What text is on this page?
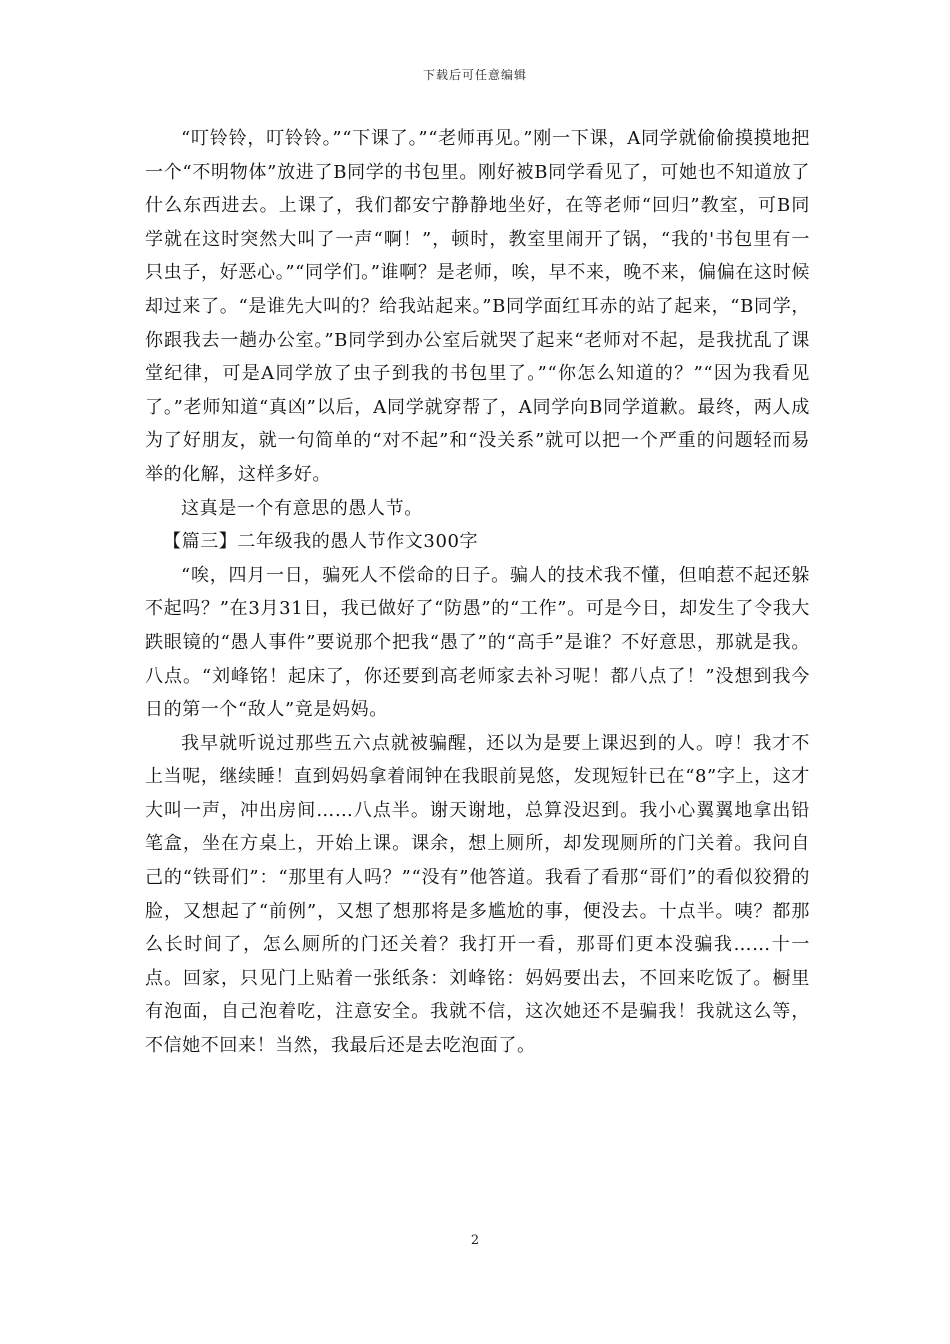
下载后可任意编辑

“叮铃铃，叮铃铃。”“下课了。”“老师再见。”刚一下课，A同学就偷偷摸摸地把一个“不明物体”放进了B同学的书包里。刚好被B同学看见了，可她也不知道放了什么东西进去。上课了，我们都安宁静静地坐好，在等老师“回归”教室，可B同学就在这时突然大叫了一声“啊！”，顿时，教室里闹开了锅，“我的'书包里有一只虫子，好恶心。”“同学们。”谁啊？是老师，唉，早不来，晚不来，偏偏在这时候却过来了。“是谁先大叫的？给我站起来。”B同学面红耳赤的站了起来，“B同学，你跟我去一趟办公室。”B同学到办公室后就哭了起来“老师对不起，是我扰乱了课堂纪律，可是A同学放了虫子到我的书包里了。”“你怎么知道的？”“因为我看见了。”老师知道“真凶”以后，A同学就穿帮了，A同学向B同学道歉。最终，两人成为了好朋友，就一句简单的“对不起”和“没关系”就可以把一个严重的问题轻而易举的化解，这样多好。

这真是一个有意思的愚人节。

【篇三】二年级我的愚人节作文300字

“唉，四月一日，骗死人不偿命的日子。骗人的技术我不懂，但咱惹不起还躲不起吗？”在3月31日，我已做好了“防愚”的“工作”。可是今日，却发生了令我大跌眼镜的“愚人事件”要说那个把我“愚了”的“高手”是谁？不好意思，那就是我。八点。“刘峰铭！起床了，你还要到高老师家去补习呢！都八点了！”没想到我今日的第一个“敌人”竟是妈妈。

我早就听说过那些五六点就被骗醒，还以为是要上课迟到的人。哼！我才不上当呢，继续睡！直到妈妈拿着闹钟在我眼前晃悠，发现短针已在“8”字上，这才大叫一声，冲出房间……八点半。谢天谢地，总算没迟到。我小心翼翼地拿出铅笔盒，坐在方桌上，开始上课。课余，想上厕所，却发现厕所的门关着。我问自己的“铁哥们”：“那里有人吗？”“没有”他答道。我看了看那“哥们”的看似狡猾的脸，又想起了“前例”，又想了想那将是多尴尬的事，便没去。十点半。咦？都那么长时间了，怎么厕所的门还关着？我打开一看，那哥们更本没骗我……十一点。回家，只见门上贴着一张纸条：刘峰铭：妈妈要出去，不回来吃饭了。橱里有泡面，自己泡着吃，注意安全。我就不信，这次她还不是骗我！我就这么等，不信她不回来！当然，我最后还是去吃泡面了。

2
